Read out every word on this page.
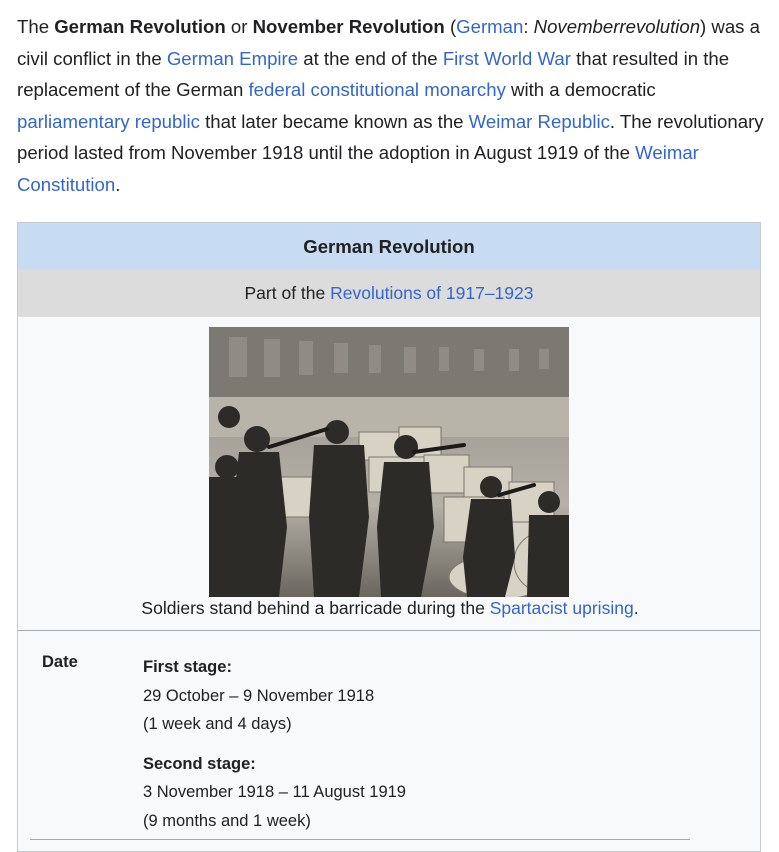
The German Revolution or November Revolution (German: Novemberrevolution) was a civil conflict in the German Empire at the end of the First World War that resulted in the replacement of the German federal constitutional monarchy with a democratic parliamentary republic that later became known as the Weimar Republic. The revolutionary period lasted from November 1918 until the adoption in August 1919 of the Weimar Constitution.
German Revolution
Part of the
Revolutions of 1917–1923
Soldiers stand behind a barricade during the Spartacist uprising.
Date	First stage:
29 October – 9 November 1918
(1 week and 4 days)
Second stage:
3 November 1918 – 11 August 1919
(9 months and 1 week)
